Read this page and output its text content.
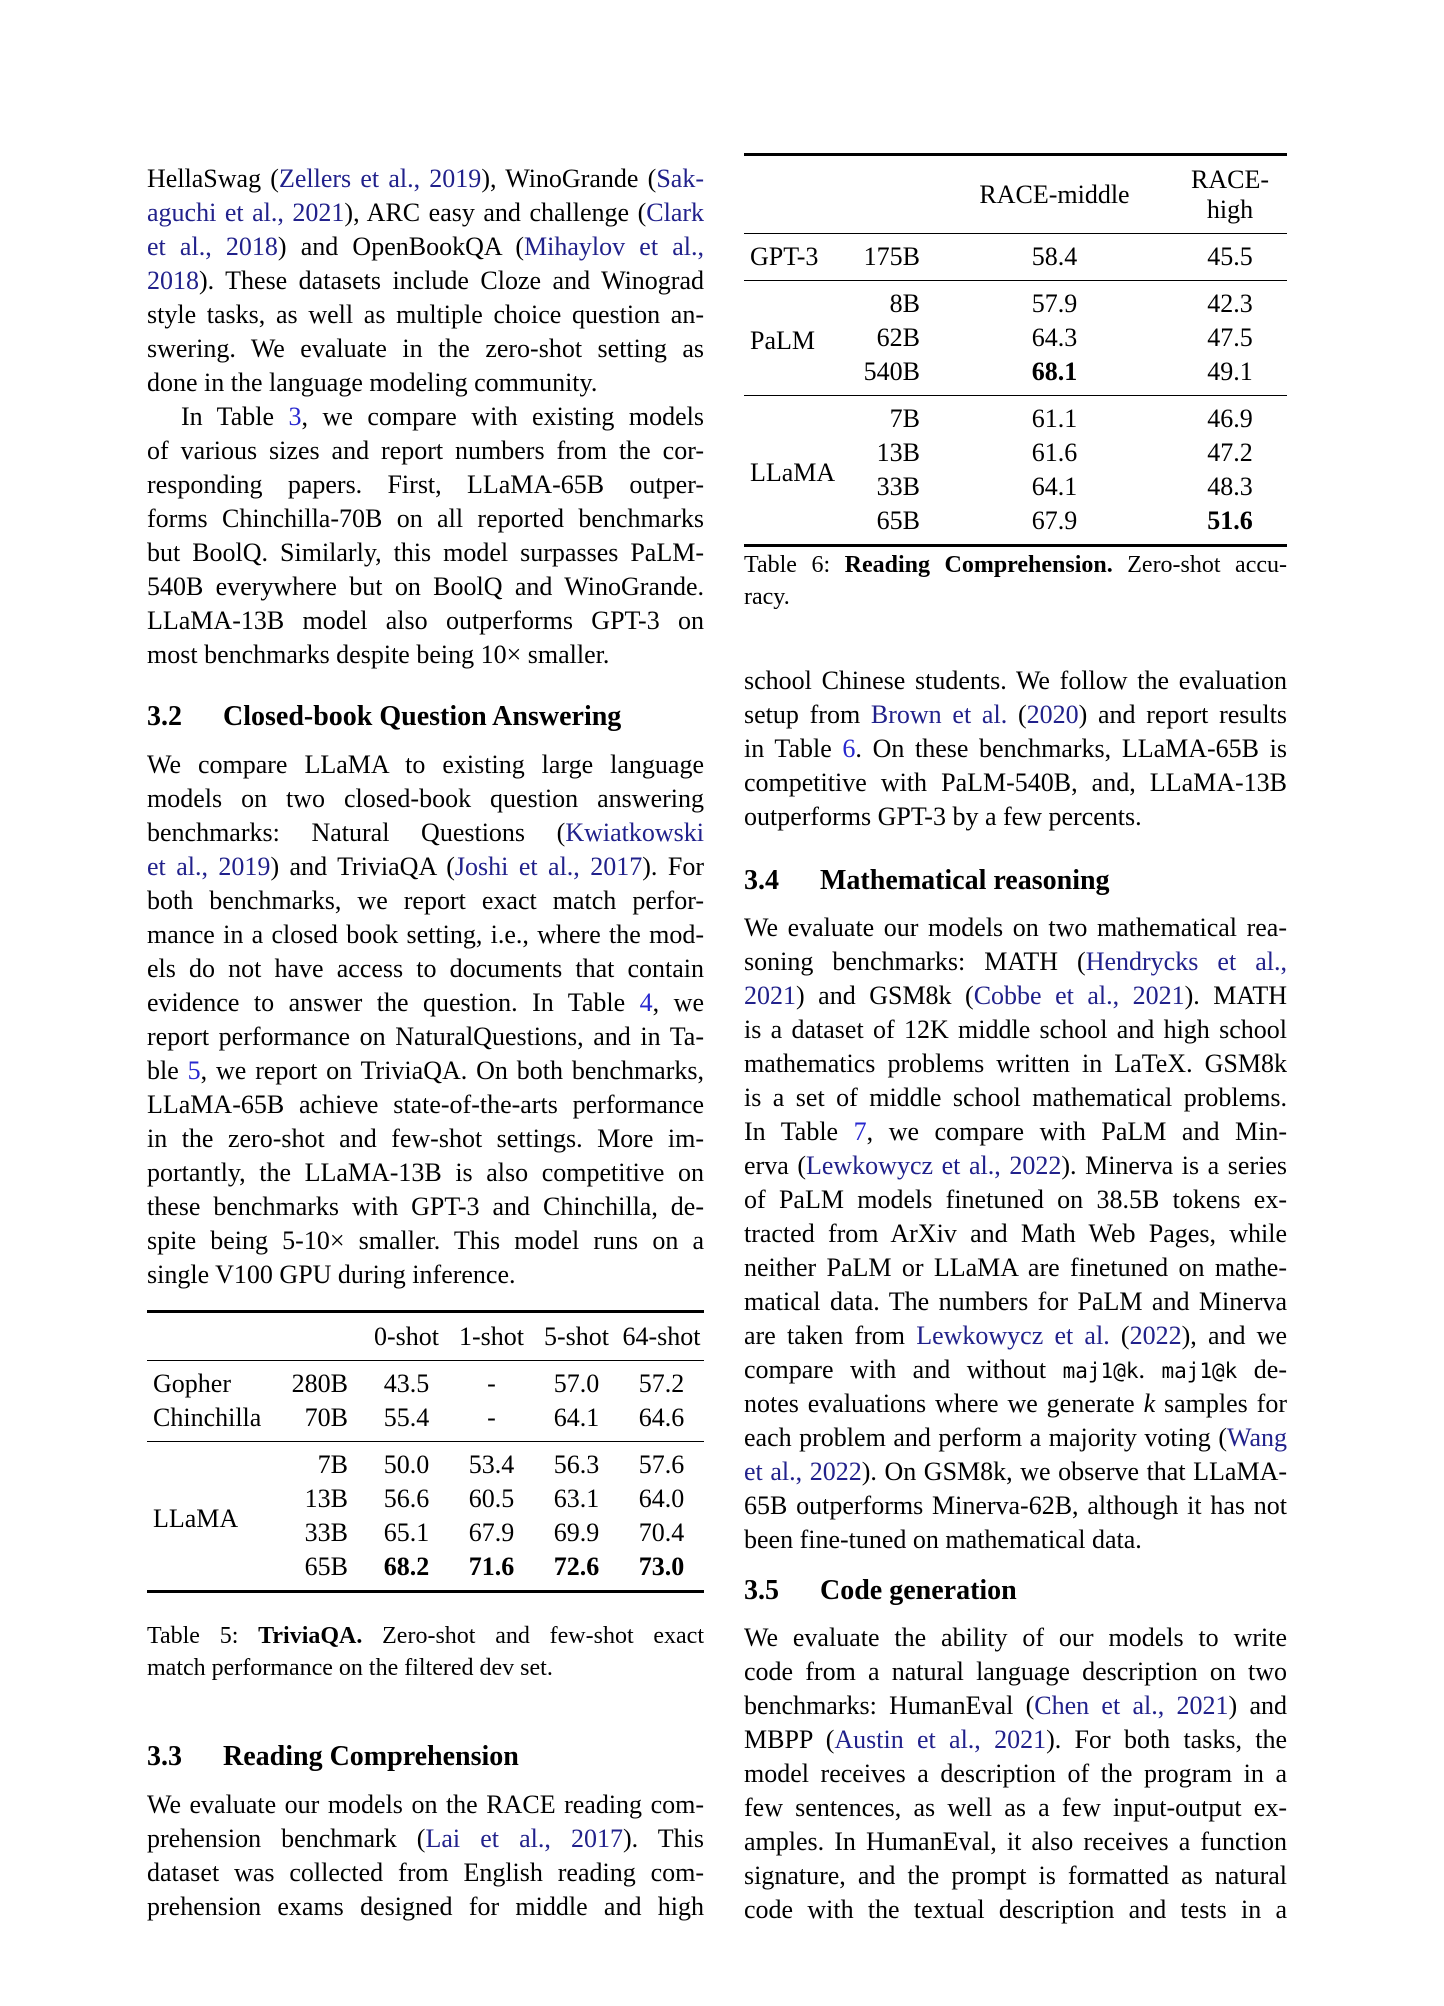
HellaSwag (Zellers et al., 2019), WinoGrande (Sak-
aguchi et al., 2021), ARC easy and challenge (Clark
et al., 2018) and OpenBookQA (Mihaylov et al.,
2018). These datasets include Cloze and Winograd
style tasks, as well as multiple choice question an-
swering. We evaluate in the zero-shot setting as
done in the language modeling community.
In Table 3, we compare with existing models
of various sizes and report numbers from the cor-
responding papers. First, LLaMA-65B outper-
forms Chinchilla-70B on all reported benchmarks
but BoolQ. Similarly, this model surpasses PaLM-
540B everywhere but on BoolQ and WinoGrande.
LLaMA-13B model also outperforms GPT-3 on
most benchmarks despite being 10× smaller.
3.2 Closed-book Question Answering
We compare LLaMA to existing large language
models on two closed-book question answering
benchmarks: Natural Questions (Kwiatkowski
et al., 2019) and TriviaQA (Joshi et al., 2017). For
both benchmarks, we report exact match perfor-
mance in a closed book setting, i.e., where the mod-
els do not have access to documents that contain
evidence to answer the question. In Table 4, we
report performance on NaturalQuestions, and in Ta-
ble 5, we report on TriviaQA. On both benchmarks,
LLaMA-65B achieve state-of-the-arts performance
in the zero-shot and few-shot settings. More im-
portantly, the LLaMA-13B is also competitive on
these benchmarks with GPT-3 and Chinchilla, de-
spite being 5-10× smaller. This model runs on a
single V100 GPU during inference.
		0-shot	1-shot	5-shot	64-shot
Gopher	280B	43.5	-	57.0	57.2
Chinchilla	70B	55.4	-	64.1	64.6
LLaMA	7B	50.0	53.4	56.3	57.6
	13B	56.6	60.5	63.1	64.0
	33B	65.1	67.9	69.9	70.4
	65B	68.2	71.6	72.6	73.0
Table 5: TriviaQA. Zero-shot and few-shot exact
match performance on the filtered dev set.
3.3 Reading Comprehension
We evaluate our models on the RACE reading com-
prehension benchmark (Lai et al., 2017). This
dataset was collected from English reading com-
prehension exams designed for middle and high
		RACE-middle	RACE-high
GPT-3	175B	58.4	45.5
PaLM	8B	57.9	42.3
	62B	64.3	47.5
	540B	68.1	49.1
LLaMA	7B	61.1	46.9
	13B	61.6	47.2
	33B	64.1	48.3
	65B	67.9	51.6
Table 6: Reading Comprehension. Zero-shot accu-
racy.
school Chinese students. We follow the evaluation
setup from Brown et al. (2020) and report results
in Table 6. On these benchmarks, LLaMA-65B is
competitive with PaLM-540B, and, LLaMA-13B
outperforms GPT-3 by a few percents.
3.4 Mathematical reasoning
We evaluate our models on two mathematical rea-
soning benchmarks: MATH (Hendrycks et al.,
2021) and GSM8k (Cobbe et al., 2021). MATH
is a dataset of 12K middle school and high school
mathematics problems written in LaTeX. GSM8k
is a set of middle school mathematical problems.
In Table 7, we compare with PaLM and Min-
erva (Lewkowycz et al., 2022). Minerva is a series
of PaLM models finetuned on 38.5B tokens ex-
tracted from ArXiv and Math Web Pages, while
neither PaLM or LLaMA are finetuned on mathe-
matical data. The numbers for PaLM and Minerva
are taken from Lewkowycz et al. (2022), and we
compare with and without maj1@k. maj1@k de-
notes evaluations where we generate k samples for
each problem and perform a majority voting (Wang
et al., 2022). On GSM8k, we observe that LLaMA-
65B outperforms Minerva-62B, although it has not
been fine-tuned on mathematical data.
3.5 Code generation
We evaluate the ability of our models to write
code from a natural language description on two
benchmarks: HumanEval (Chen et al., 2021) and
MBPP (Austin et al., 2021). For both tasks, the
model receives a description of the program in a
few sentences, as well as a few input-output ex-
amples. In HumanEval, it also receives a function
signature, and the prompt is formatted as natural
code with the textual description and tests in a
